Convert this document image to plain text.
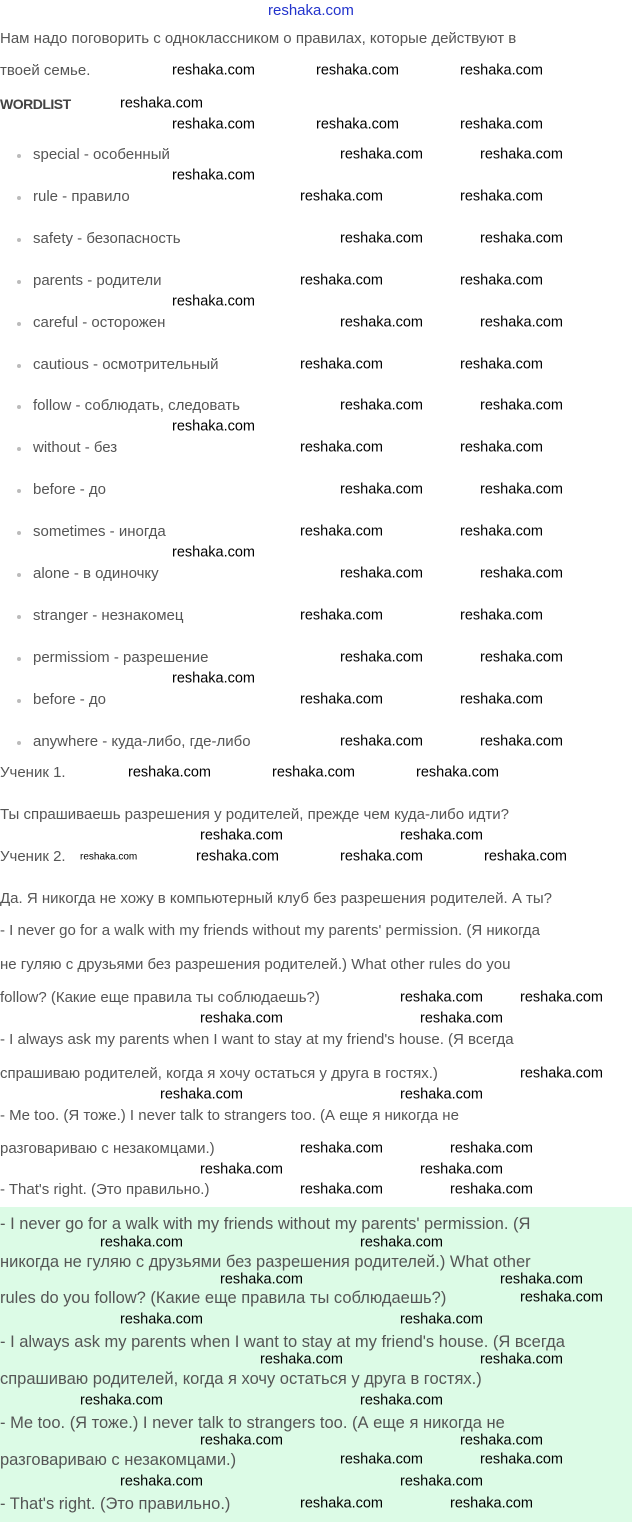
reshaka.com
Нам надо поговорить с одноклассником о правилах, которые действуют в
твоей семье.
WORDLIST
special - особенный
rule - правило
safety - безопасность
parents - родители
careful - осторожен
cautious - осмотрительный
follow - соблюдать, следовать
without - без
before - до
sometimes - иногда
alone - в одиночку
stranger - незнакомец
permissiom - разрешение
before - до
anywhere - куда-либо, где-либо
Ученик 1.
Ты спрашиваешь разрешения у родителей, прежде чем куда-либо идти?
Ученик 2.
Да. Я никогда не хожу в компьютерный клуб без разрешения родителей. А ты?
- I never go for a walk with my friends without my parents' permission. (Я никогда
не гуляю с друзьями без разрешения родителей.) What other rules do you
follow? (Какие еще правила ты соблюдаешь?)
- I always ask my parents when I want to stay at my friend's house. (Я всегда
спрашиваю родителей, когда я хочу остаться у друга в гостях.)
- Me too. (Я тоже.) I never talk to strangers too. (А еще я никогда не
разговариваю с незакомцами.)
- That's right. (Это правильно.)
- I never go for a walk with my friends without my parents' permission. (Я
никогда не гуляю с друзьями без разрешения родителей.) What other
rules do you follow? (Какие еще правила ты соблюдаешь?)
- I always ask my parents when I want to stay at my friend's house. (Я всегда
спрашиваю родителей, когда я хочу остаться у друга в гостях.)
- Me too. (Я тоже.) I never talk to strangers too. (А еще я никогда не
разговариваю с незакомцами.)
- That's right. (Это правильно.)
reshaka.com	reshaka.com	reshaka.com
reshaka.com
reshaka.com	reshaka.com	reshaka.com
reshaka.com	reshaka.com
reshaka.com
reshaka.com	reshaka.com
reshaka.com	reshaka.com
reshaka.com	reshaka.com
reshaka.com
reshaka.com	reshaka.com
reshaka.com	reshaka.com
reshaka.com	reshaka.com
reshaka.com
reshaka.com	reshaka.com
reshaka.com	reshaka.com
reshaka.com	reshaka.com
reshaka.com
reshaka.com	reshaka.com
reshaka.com	reshaka.com
reshaka.com	reshaka.com
reshaka.com
reshaka.com	reshaka.com
reshaka.com	reshaka.com
reshaka.com	reshaka.com	reshaka.com
reshaka.com	reshaka.com
reshaka.com	reshaka.com	reshaka.com
reshaka.com	reshaka.com
reshaka.com	reshaka.com
reshaka.com
reshaka.com	reshaka.com
reshaka.com	reshaka.com
reshaka.com	reshaka.com
reshaka.com	reshaka.com
reshaka.com	reshaka.com
reshaka.com	reshaka.com
reshaka.com
reshaka.com	reshaka.com
reshaka.com	reshaka.com
reshaka.com	reshaka.com
reshaka.com	reshaka.com
reshaka.com	reshaka.com
reshaka.com	reshaka.com
reshaka.com	reshaka.com
reshaka.com
